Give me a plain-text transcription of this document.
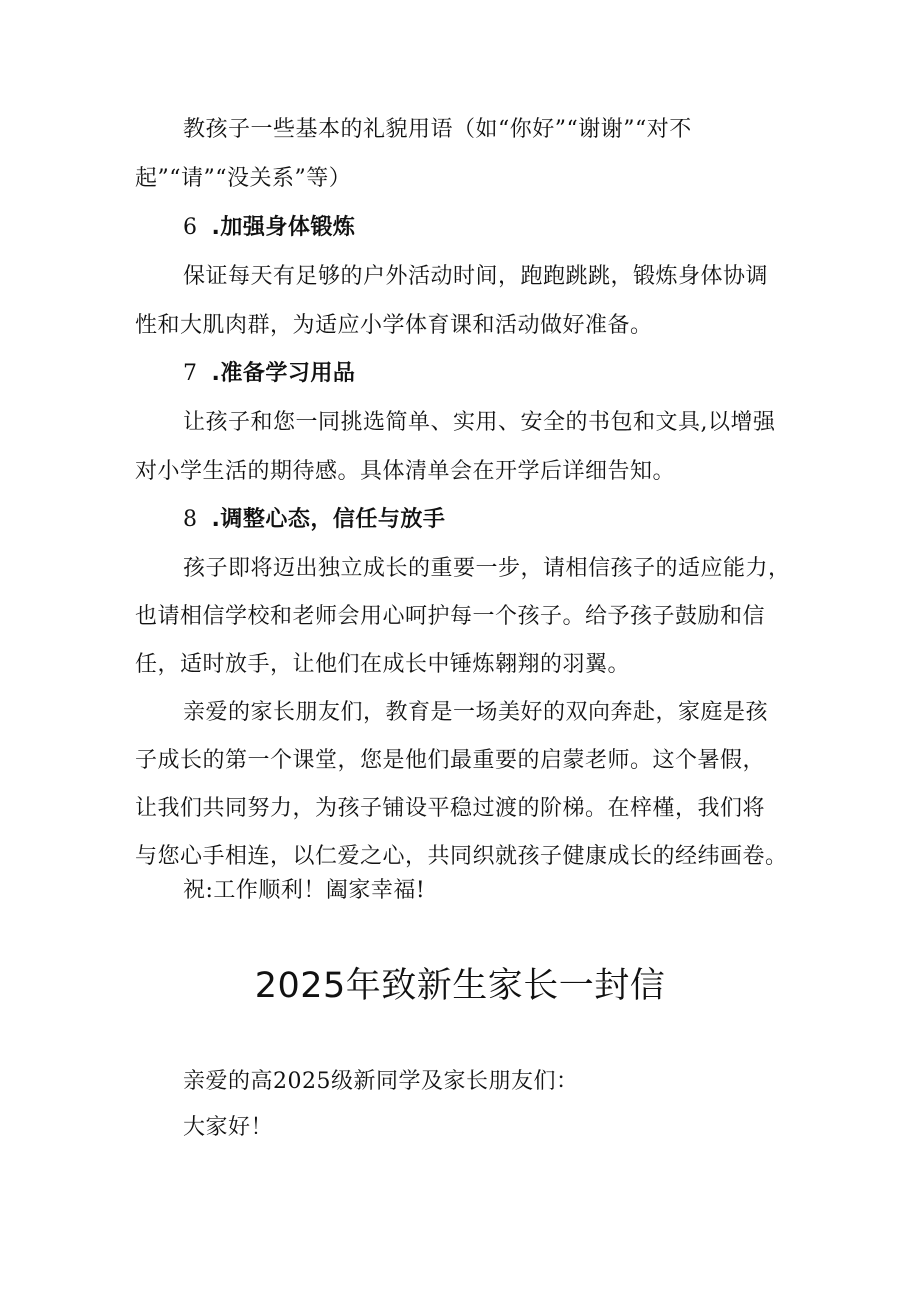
教孩子一些基本的礼貌用语（如“你好”“谢谢”“对不
起”“请”“没关系”等）
6 .加强身体锻炼
保证每天有足够的户外活动时间，跑跑跳跳，锻炼身体协调
性和大肌肉群，为适应小学体育课和活动做好准备。
7 .准备学习用品
让孩子和您一同挑选简单、实用、安全的书包和文具,以增强
对小学生活的期待感。具体清单会在开学后详细告知。
8 .调整心态，信任与放手
孩子即将迈出独立成长的重要一步，请相信孩子的适应能力，
也请相信学校和老师会用心呵护每一个孩子。给予孩子鼓励和信
任，适时放手，让他们在成长中锤炼翱翔的羽翼。
亲爱的家长朋友们，教育是一场美好的双向奔赴，家庭是孩
子成长的第一个课堂，您是他们最重要的启蒙老师。这个暑假，
让我们共同努力，为孩子铺设平稳过渡的阶梯。在梓槿，我们将
与您心手相连，以仁爱之心，共同织就孩子健康成长的经纬画卷。
祝:工作顺利！阖家幸福!
2025年致新生家长一封信
亲爱的高2025级新同学及家长朋友们：
大家好！
